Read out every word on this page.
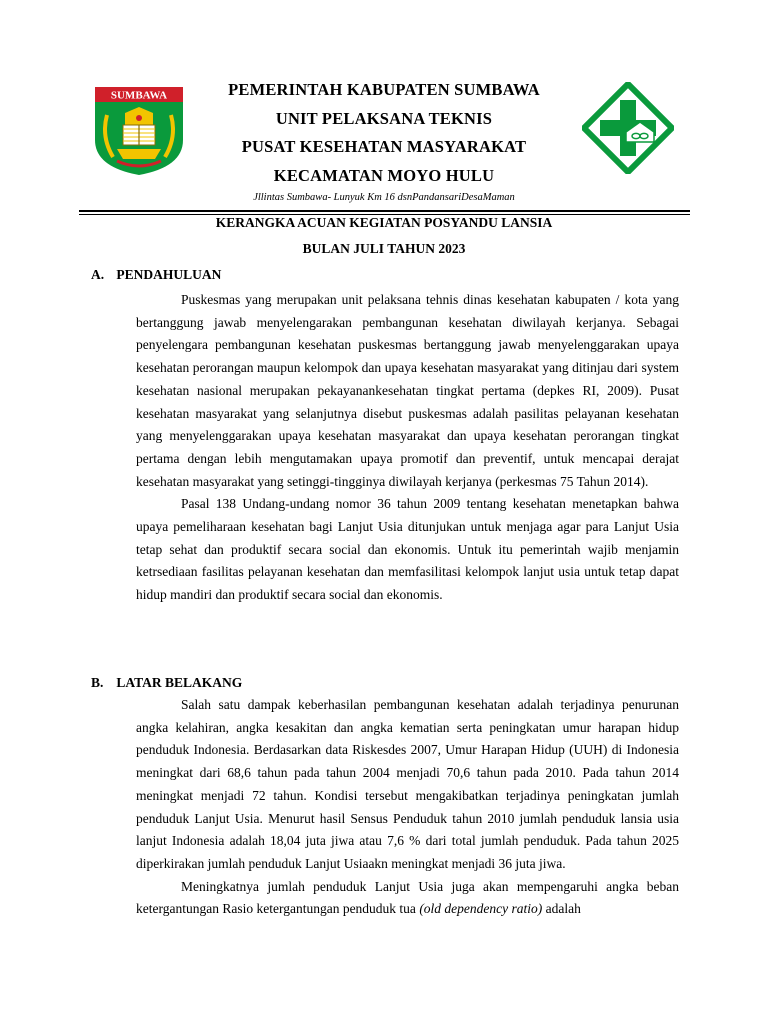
SUMBAWA	PEMERINTAH KABUPATEN SUMBAWA
UNIT PELAKSANA TEKNIS
PUSAT KESEHATAN MASYARAKAT
KECAMATAN MOYO HULU
Jllintas Sumbawa- Lunyuk Km 16 dsnPandansariDesaMaman
KERANGKA ACUAN KEGIATAN POSYANDU LANSIA
BULAN JULI TAHUN 2023
A. PENDAHULUAN

Puskesmas yang merupakan unit pelaksana tehnis dinas kesehatan kabupaten / kota yang bertanggung jawab menyelengarakan pembangunan kesehatan diwilayah kerjanya. Sebagai penyelengara pembangunan kesehatan puskesmas bertanggung jawab menyelenggarakan upaya kesehatan perorangan maupun kelompok dan upaya kesehatan masyarakat yang ditinjau dari system kesehatan nasional merupakan pekayanankesehatan tingkat pertama (depkes RI, 2009). Pusat kesehatan masyarakat yang selanjutnya disebut puskesmas adalah pasilitas pelayanan kesehatan yang menyelenggarakan upaya kesehatan masyarakat dan upaya kesehatan perorangan tingkat pertama dengan lebih mengutamakan upaya promotif dan preventif, untuk mencapai derajat kesehatan masyarakat yang setinggi-tingginya diwilayah kerjanya (perkesmas 75 Tahun 2014).

Pasal 138 Undang-undang nomor 36 tahun 2009 tentang kesehatan menetapkan bahwa upaya pemeliharaan kesehatan bagi Lanjut Usia ditunjukan untuk menjaga agar para Lanjut Usia tetap sehat dan produktif secara social dan ekonomis. Untuk itu pemerintah wajib menjamin ketrsediaan fasilitas pelayanan kesehatan dan memfasilitasi kelompok lanjut usia untuk tetap dapat hidup mandiri dan produktif secara social dan ekonomis.

B. LATAR BELAKANG

Salah satu dampak keberhasilan pembangunan kesehatan adalah terjadinya penurunan angka kelahiran, angka kesakitan dan angka kematian serta peningkatan umur harapan hidup penduduk Indonesia. Berdasarkan data Riskesdes 2007, Umur Harapan Hidup (UUH) di Indonesia meningkat dari 68,6 tahun pada tahun 2004 menjadi 70,6 tahun pada 2010. Pada tahun 2014 meningkat menjadi 72 tahun. Kondisi tersebut mengakibatkan terjadinya peningkatan jumlah penduduk Lanjut Usia. Menurut hasil Sensus Penduduk tahun 2010 jumlah penduduk lansia usia lanjut Indonesia adalah 18,04 juta jiwa atau 7,6 % dari total jumlah penduduk. Pada tahun 2025 diperkirakan jumlah penduduk Lanjut Usiaakn meningkat menjadi 36 juta jiwa.

Meningkatnya jumlah penduduk Lanjut Usia juga akan mempengaruhi angka beban ketergantungan Rasio ketergantungan penduduk tua (old dependency ratio) adalah
